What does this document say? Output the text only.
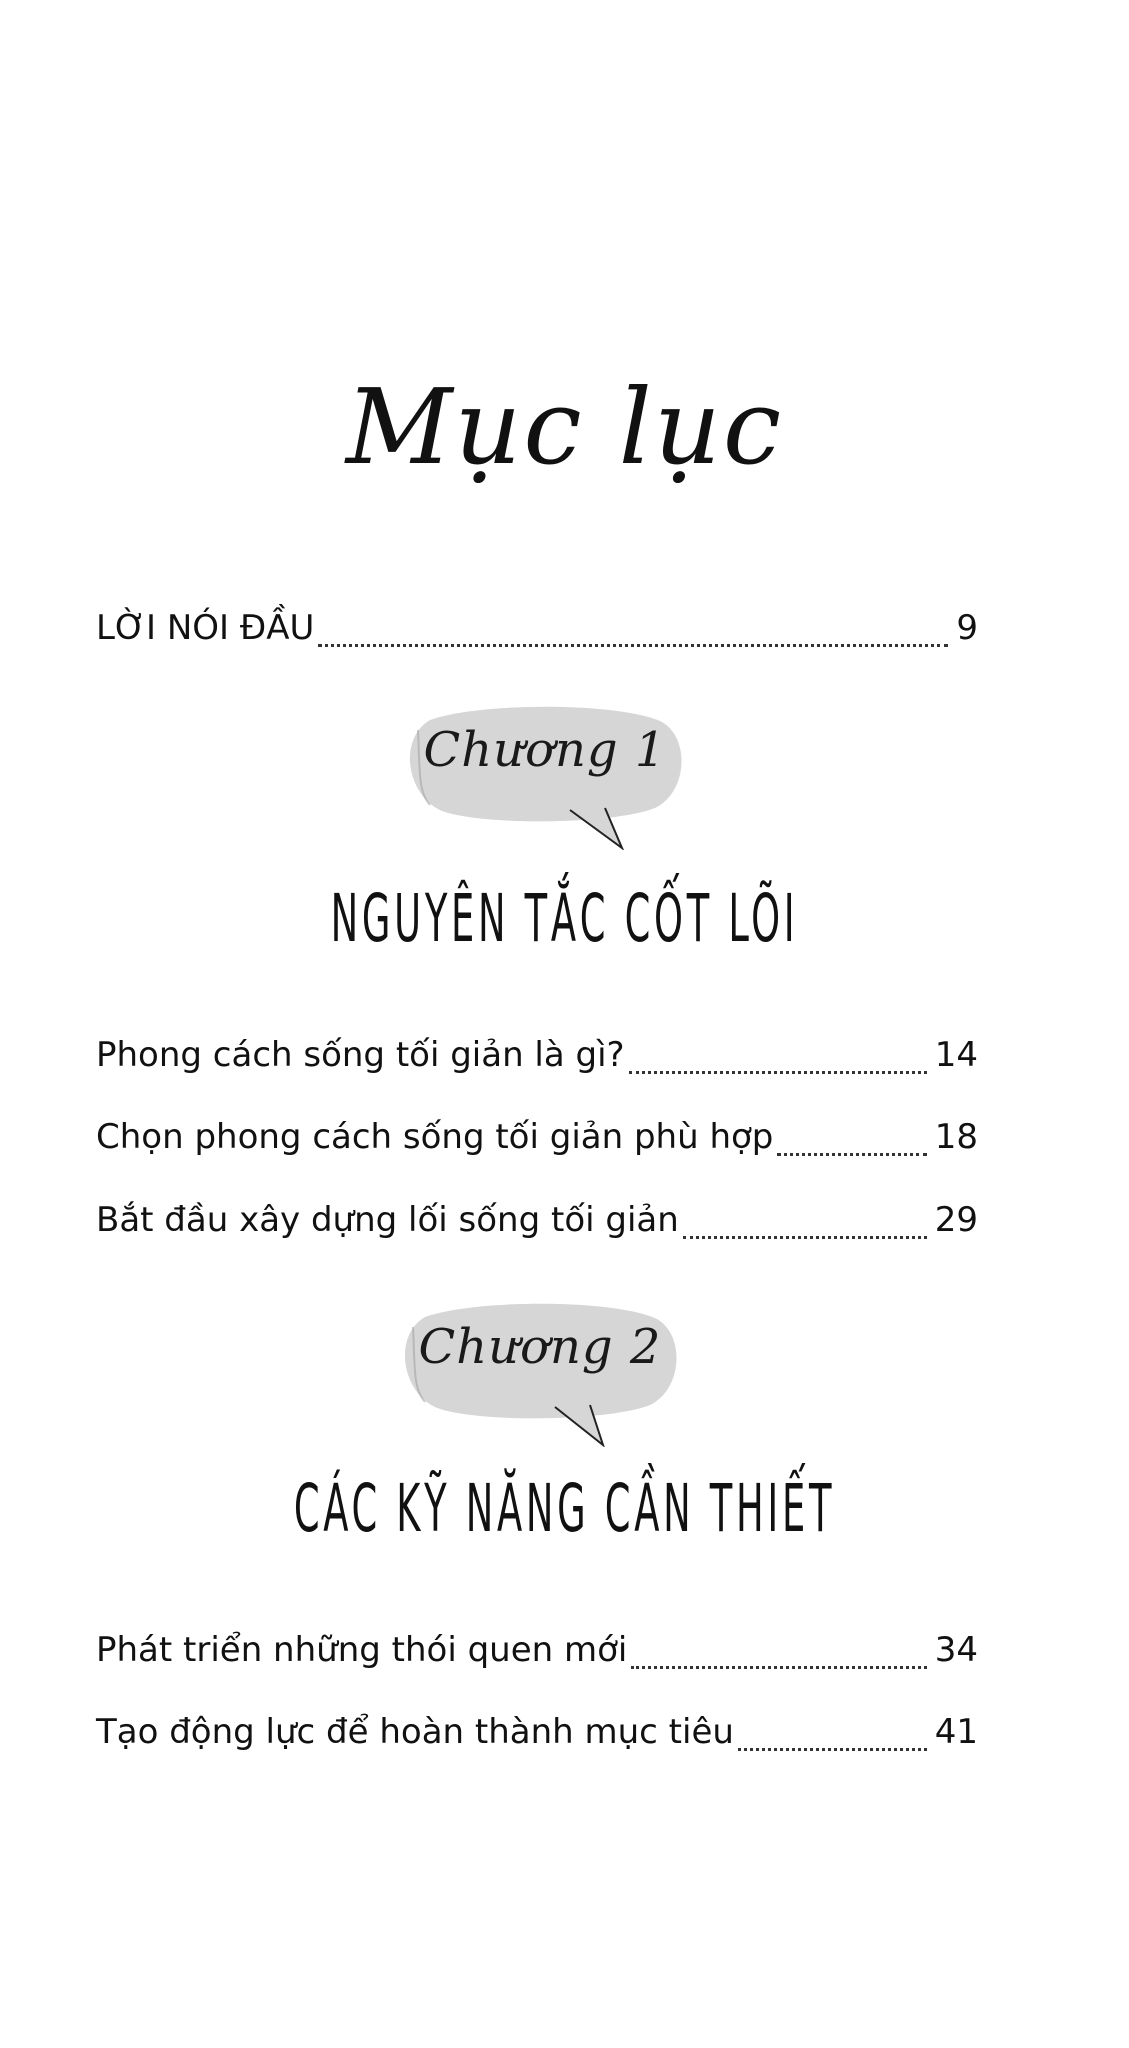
Mục lục
LỜI NÓI ĐẦU	9
Chương 1
NGUYÊN TẮC CỐT LÕI
Phong cách sống tối giản là gì?	14
Chọn phong cách sống tối giản phù hợp	18
Bắt đầu xây dựng lối sống tối giản	29
Chương 2
CÁC KỸ NĂNG CẦN THIẾT
Phát triển những thói quen mới	34
Tạo động lực để hoàn thành mục tiêu	41
